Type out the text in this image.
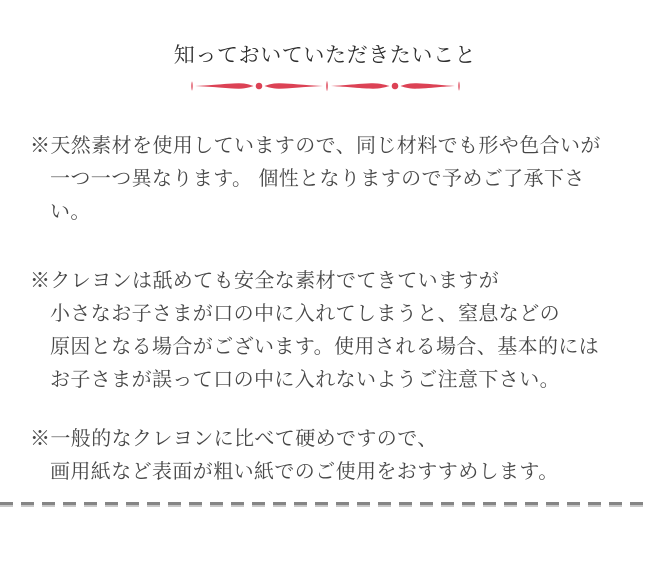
知っておいていただきたいこと

※天然素材を使用していますので、同じ材料でも形や色合いが
一つ一つ異なります。 個性となりますので予めご了承下さい。

※クレヨンは舐めても安全な素材でてきていますが
小さなお子さまが口の中に入れてしまうと、窒息などの
原因となる場合がございます。使用される場合、基本的には
お子さまが誤って口の中に入れないようご注意下さい。

※一般的なクレヨンに比べて硬めですので、
画用紙など表面が粗い紙でのご使用をおすすめします。
